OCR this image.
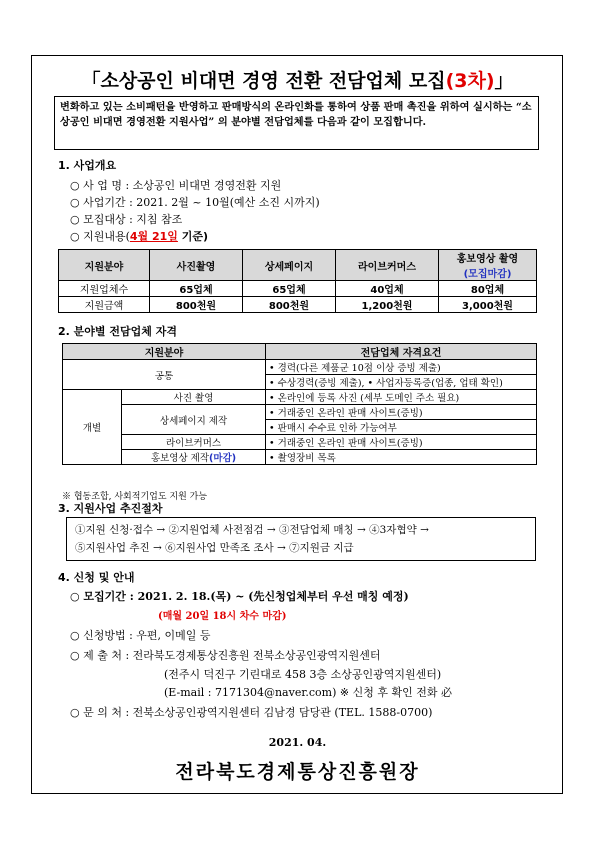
「소상공인 비대면 경영 전환 전담업체 모집(3차)」
변화하고 있는 소비패턴을 반영하고 판매방식의 온라인화를 통하여 상품 판매 촉진을 위하여 실시하는 “소상공인 비대면 경영전환 지원사업” 의 분야별 전담업체를 다음과 같이 모집합니다.
1. 사업개요
○ 사 업 명 : 소상공인 비대면 경영전환 지원
○ 사업기간 : 2021. 2월 ~ 10월(예산 소진 시까지)
○ 모집대상 : 지침 참조
○ 지원내용(4월 21일 기준)
지원분야	사진촬영	상세페이지	라이브커머스	홍보영상 촬영
(모집마감)

지원업체수	65업체	65업체	40업체	80업체
지원금액	800천원	800천원	1,200천원	3,000천원
2. 분야별 전담업체 자격
지원분야		전담업체 자격요건
공통		• 경력(다른 제품군 10점 이상 증빙 제출)
		• 수상경력(증빙 제출), • 사업자등록증(업종, 업태 확인)
개별	사진 촬영	• 온라인에 등록 사진 (세부 도메인 주소 필요)
	상세페이지 제작	• 거래중인 온라인 판매 사이트(증빙)
		• 판매시 수수료 인하 가능여부
	라이브커머스	• 거래중인 온라인 판매 사이트(증빙)
	홍보영상 제작(마감)	• 촬영장비 목록
※ 협동조합, 사회적기업도 지원 가능
3. 지원사업 추진절차
①지원 신청·접수 → ②지원업체 사전점검 → ③전담업체 매칭 → ④3자협약 →
⑤지원사업 추진 → ⑥지원사업 만족조 조사 → ⑦지원금 지급
4. 신청 및 안내
○ 모집기간 : 2021. 2. 18.(목) ~ (先신청업체부터 우선 매칭 예정)
(매월 20일 18시 차수 마감)
○ 신청방법 : 우편, 이메일 등
○ 제 출 처 : 전라북도경제통상진흥원 전북소상공인광역지원센터
(전주시 덕진구 기린대로 458 3층 소상공인광역지원센터)
(E-mail : 7171304@naver.com) ※ 신청 후 확인 전화 必
○ 문 의 처 : 전북소상공인광역지원센터 김남경 담당관 (TEL. 1588-0700)
2021. 04.
전라북도경제통상진흥원장
